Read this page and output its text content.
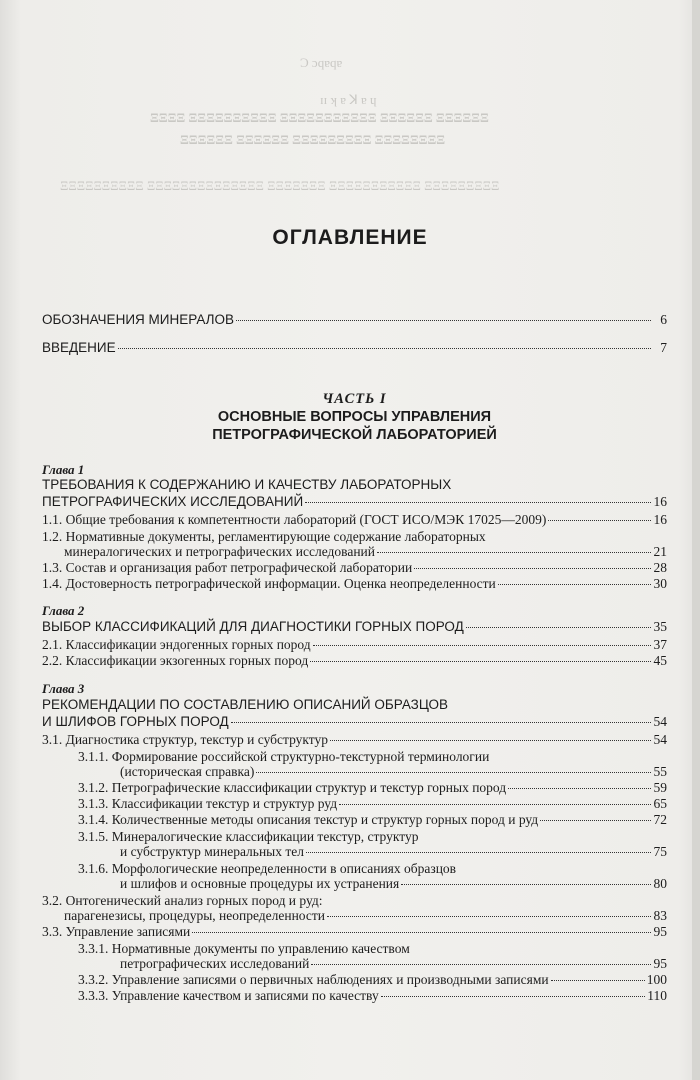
Ɔ ɔqɐqɐ
ɪɪ ʞ ɐ ꓘ ɐ ɥ
ΞΞΞΞ ΞΞΞΞΞΞΞΞΞΞ ΞΞΞΞΞΞΞΞΞΞΞ ΞΞΞΞΞΞ ΞΞΞΞΞΞ
ΞΞΞΞΞΞ ΞΞΞΞΞΞ ΞΞΞΞΞΞΞΞΞ ΞΞΞΞΞΞΞΞ
ΞΞΞΞΞΞΞΞΞΞ ΞΞΞΞΞΞΞΞΞΞΞΞΞΞ ΞΞΞΞΞΞΞ ΞΞΞΞΞΞΞΞΞΞΞ ΞΞΞΞΞΞΞΞΞ
ОГЛАВЛЕНИЕ
ОБОЗНАЧЕНИЯ МИНЕРАЛОВ	6
ВВЕДЕНИЕ	7
ЧАСТЬ I
ОСНОВНЫЕ ВОПРОСЫ УПРАВЛЕНИЯ
ПЕТРОГРАФИЧЕСКОЙ ЛАБОРАТОРИЕЙ
Глава 1
ТРЕБОВАНИЯ К СОДЕРЖАНИЮ И КАЧЕСТВУ ЛАБОРАТОРНЫХ
ПЕТРОГРАФИЧЕСКИХ ИССЛЕДОВАНИЙ	16
1.1. Общие требования к компетентности лабораторий (ГОСТ ИСО/МЭК 17025—2009)	16
1.2. Нормативные документы, регламентирующие содержание лабораторных
минералогических и петрографических исследований	21
1.3. Состав и организация работ петрографической лаборатории	28
1.4. Достоверность петрографической информации. Оценка неопределенности	30
Глава 2
ВЫБОР КЛАССИФИКАЦИЙ ДЛЯ ДИАГНОСТИКИ ГОРНЫХ ПОРОД	35
2.1. Классификации эндогенных горных пород	37
2.2. Классификации экзогенных горных пород	45
Глава 3
РЕКОМЕНДАЦИИ ПО СОСТАВЛЕНИЮ ОПИСАНИЙ ОБРАЗЦОВ
И ШЛИФОВ ГОРНЫХ ПОРОД	54
3.1. Диагностика структур, текстур и субструктур	54
3.1.1. Формирование российской структурно-текстурной терминологии
(историческая справка)	55
3.1.2. Петрографические классификации структур и текстур горных пород	59
3.1.3. Классификации текстур и структур руд	65
3.1.4. Количественные методы описания текстур и структур горных пород и руд	72
3.1.5. Минералогические классификации текстур, структур
и субструктур минеральных тел	75
3.1.6. Морфологические неопределенности в описаниях образцов
и шлифов и основные процедуры их устранения	80
3.2. Онтогенический анализ горных пород и руд:
парагенезисы, процедуры, неопределенности	83
3.3. Управление записями	95
3.3.1. Нормативные документы по управлению качеством
петрографических исследований	95
3.3.2. Управление записями о первичных наблюдениях и производными записями	100
3.3.3. Управление качеством и записями по качеству	110
